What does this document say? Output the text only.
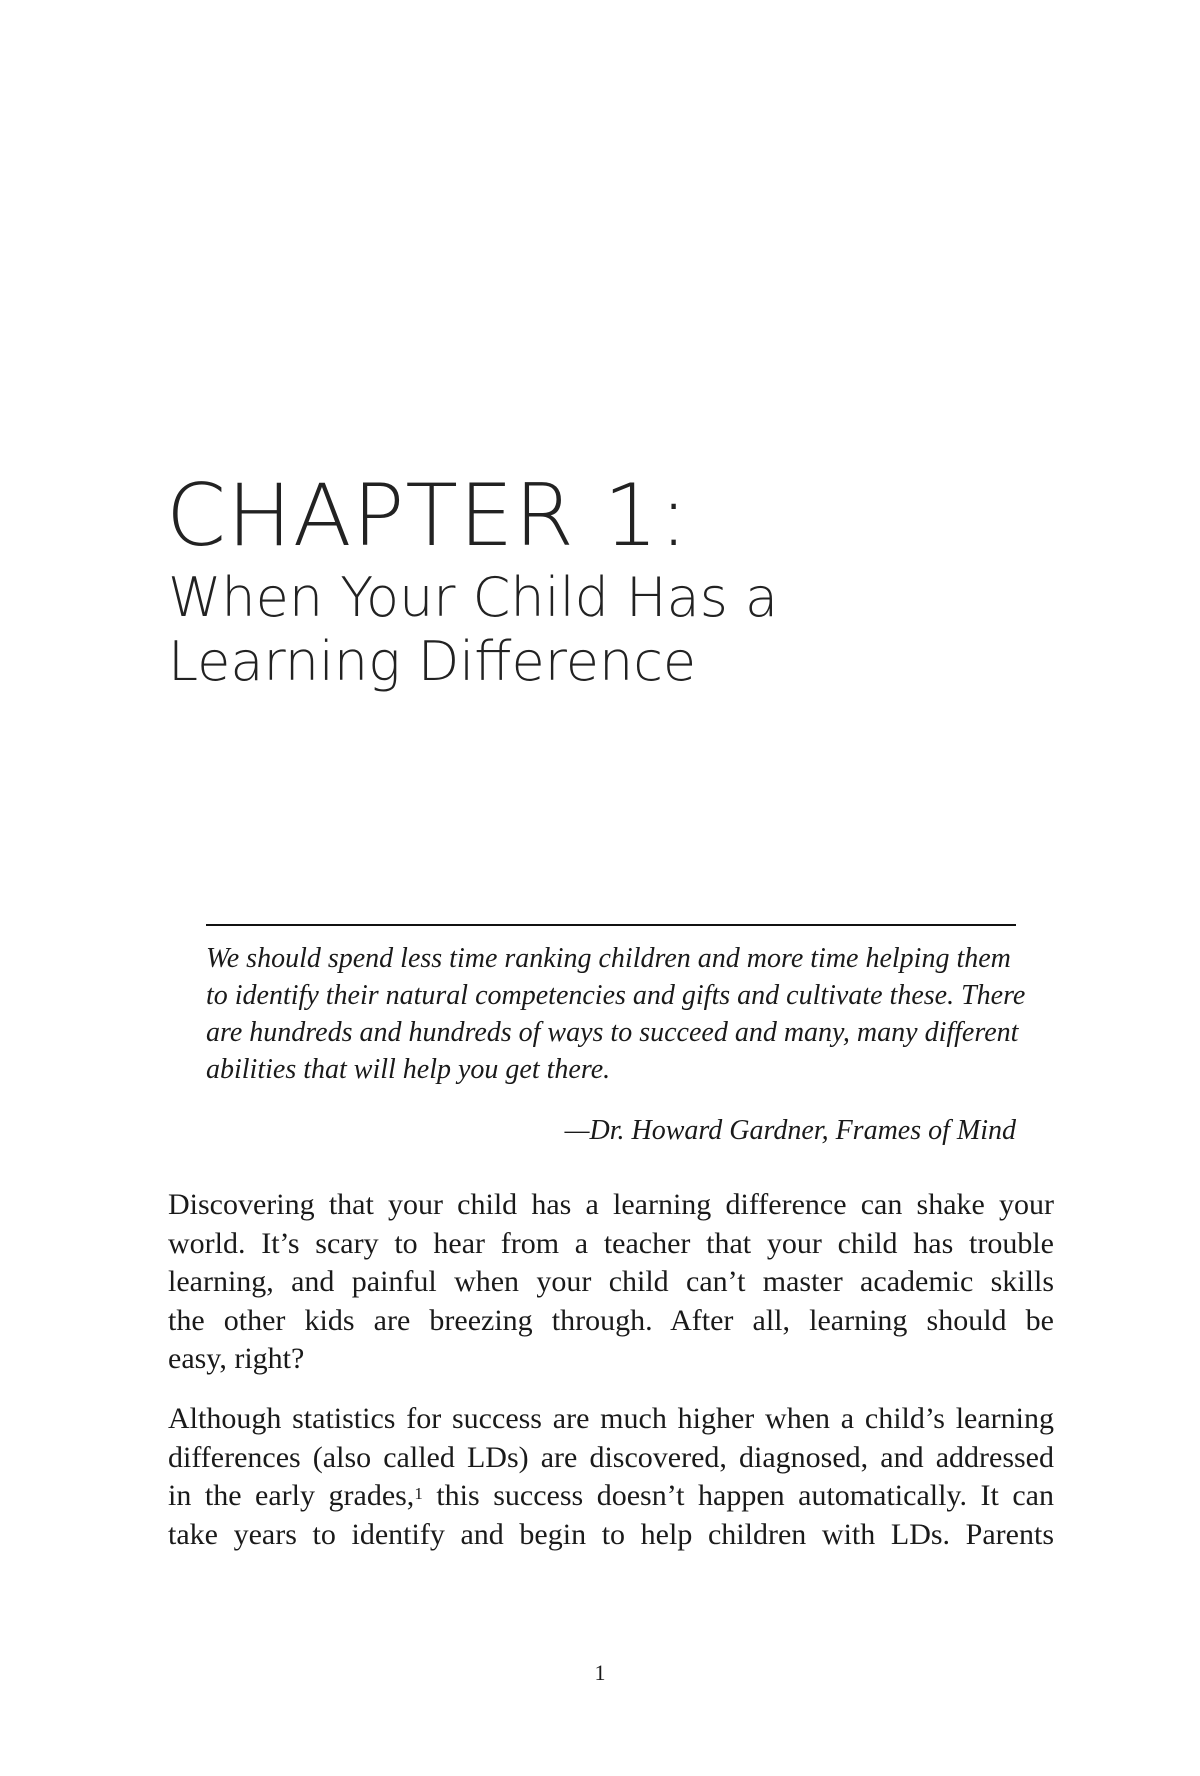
CHAPTER 1:
When Your Child Has a
Learning Difference
We should spend less time ranking children and more time helping them
to identify their natural competencies and gifts and cultivate these. There
are hundreds and hundreds of ways to succeed and many, many different
abilities that will help you get there.
—Dr. Howard Gardner, Frames of Mind
Discovering that your child has a learning difference can shake your
world. It’s scary to hear from a teacher that your child has trouble
learning, and painful when your child can’t master academic skills
the other kids are breezing through. After all, learning should be
easy, right?
Although statistics for success are much higher when a child’s learning
differences (also called LDs) are discovered, diagnosed, and addressed
in the early grades,$^1$ this success doesn’t happen automatically. It can
take years to identify and begin to help children with LDs. Parents
1
